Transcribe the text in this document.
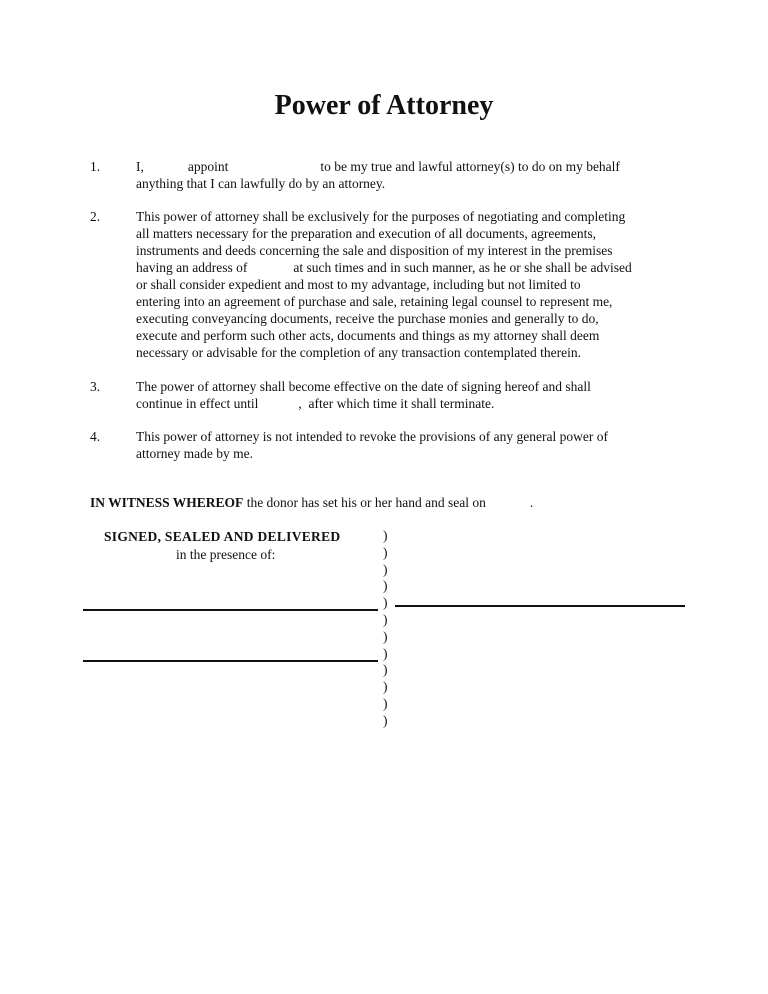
Power of Attorney
1.	I,	appoint	to be my true and lawful attorney(s) to do on my behalf
anything that I can lawfully do by an attorney.
2.	This power of attorney shall be exclusively for the purposes of negotiating and completing
all matters necessary for the preparation and execution of all documents, agreements,
instruments and deeds concerning the sale and disposition of my interest in the premises
having an address of	at such times and in such manner, as he or she shall be advised
or shall consider expedient and most to my advantage, including but not limited to
entering into an agreement of purchase and sale, retaining legal counsel to represent me,
executing conveyancing documents, receive the purchase monies and generally to do,
execute and perform such other acts, documents and things as my attorney shall deem
necessary or advisable for the completion of any transaction contemplated therein.
3.	The power of attorney shall become effective on the date of signing hereof and shall
continue in effect until	,  after which time it shall terminate.
4.	This power of attorney is not intended to revoke the provisions of any general power of
attorney made by me.
IN WITNESS WHEREOF the donor has set his or her hand and seal on	.
SIGNED, SEALED AND DELIVERED
in the presence of:
)
)
)
)
)
)
)
)
)
)
)
)
